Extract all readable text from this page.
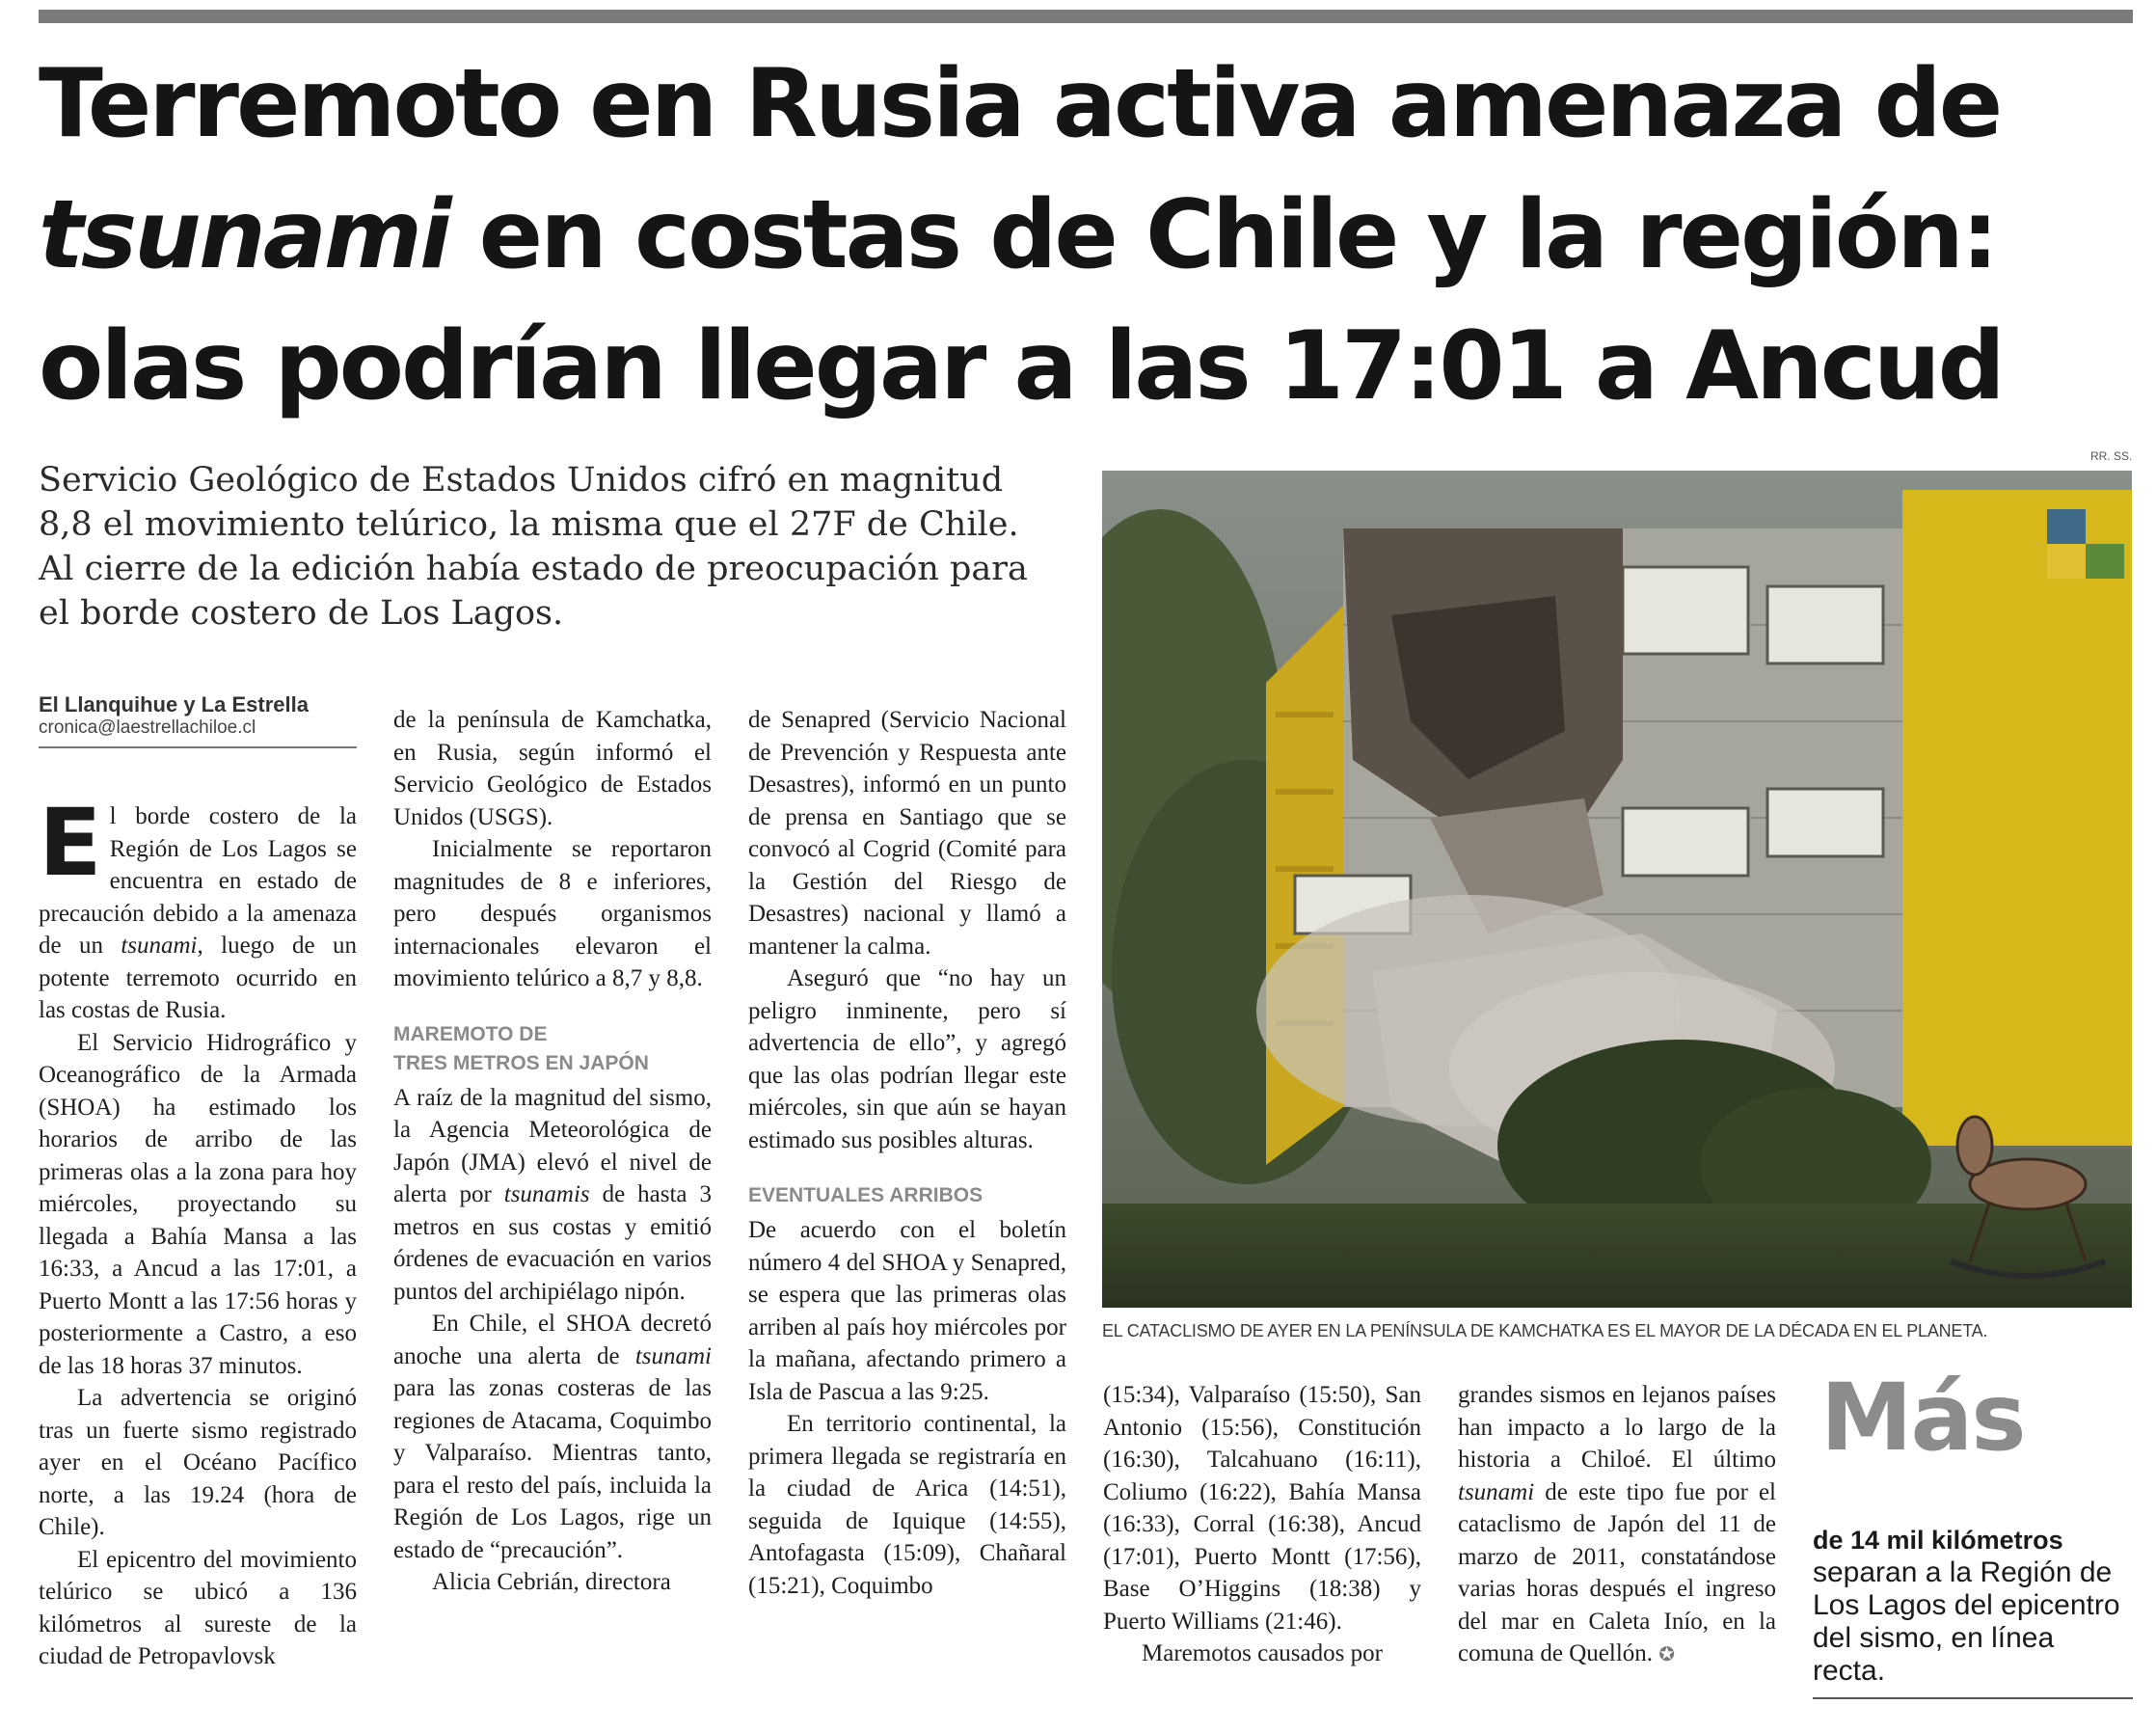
Terremoto en Rusia activa amenaza de
tsunami en costas de Chile y la región:
olas podrían llegar a las 17:01 a Ancud
Servicio Geológico de Estados Unidos cifró en magnitud
8,8 el movimiento telúrico, la misma que el 27F de Chile.
Al cierre de la edición había estado de preocupación para
el borde costero de Los Lagos.
El Llanquihue y La Estrella
cronica@laestrellachiloe.cl

El borde costero de la Región de Los Lagos se encuentra en estado de precaución debido a la amenaza de un tsunami, luego de un potente terremoto ocurrido en las costas de Rusia.

El Servicio Hidrográfico y Oceanográfico de la Armada (SHOA) ha estimado los horarios de arribo de las primeras olas a la zona para hoy miércoles, proyectando su llegada a Bahía Mansa a las 16:33, a Ancud a las 17:01, a Puerto Montt a las 17:56 horas y posteriormente a Castro, a eso de las 18 horas 37 minutos.

La advertencia se originó tras un fuerte sismo registrado ayer en el Océano Pacífico norte, a las 19.24 (hora de Chile).

El epicentro del movimiento telúrico se ubicó a 136 kilómetros al sureste de la ciudad de Petropavlovsk

de la península de Kamchatka, en Rusia, según informó el Servicio Geológico de Estados Unidos (USGS).

Inicialmente se reportaron magnitudes de 8 e inferiores, pero después organismos internacionales elevaron el movimiento telúrico a 8,7 y 8,8.

MAREMOTO DE
TRES METROS EN JAPÓN

A raíz de la magnitud del sismo, la Agencia Meteorológica de Japón (JMA) elevó el nivel de alerta por tsunamis de hasta 3 metros en sus costas y emitió órdenes de evacuación en varios puntos del archipiélago nipón.

En Chile, el SHOA decretó anoche una alerta de tsunami para las zonas costeras de las regiones de Atacama, Coquimbo y Valparaíso. Mientras tanto, para el resto del país, incluida la Región de Los Lagos, rige un estado de “precaución”.

Alicia Cebrián, directora

de Senapred (Servicio Nacional de Prevención y Respuesta ante Desastres), informó en un punto de prensa en Santiago que se convocó al Cogrid (Comité para la Gestión del Riesgo de Desastres) nacional y llamó a mantener la calma.

Aseguró que “no hay un peligro inminente, pero sí advertencia de ello”, y agregó que las olas podrían llegar este miércoles, sin que aún se hayan estimado sus posibles alturas.

EVENTUALES ARRIBOS

De acuerdo con el boletín número 4 del SHOA y Senapred, se espera que las primeras olas arriben al país hoy miércoles por la mañana, afectando primero a Isla de Pascua a las 9:25.

En territorio continental, la primera llegada se registraría en la ciudad de Arica (14:51), seguida de Iquique (14:55), Antofagasta (15:09), Chañaral (15:21), Coquimbo

(15:34), Valparaíso (15:50), San Antonio (15:56), Constitución (16:30), Talcahuano (16:11), Coliumo (16:22), Bahía Mansa (16:33), Corral (16:38), Ancud (17:01), Puerto Montt (17:56), Base O’Higgins (18:38) y Puerto Williams (21:46).

Maremotos causados por

grandes sismos en lejanos países han impacto a lo largo de la historia a Chiloé. El último tsunami de este tipo fue por el cataclismo de Japón del 11 de marzo de 2011, constatándose varias horas después el ingreso del mar en Caleta Inío, en la comuna de Quellón. ✪

RR. SS.
EL CATACLISMO DE AYER EN LA PENÍNSULA DE KAMCHATKA ES EL MAYOR DE LA DÉCADA EN EL PLANETA.
Más
de 14 mil kilómetros
separan a la Región de Los Lagos del epicentro del sismo, en línea recta.
